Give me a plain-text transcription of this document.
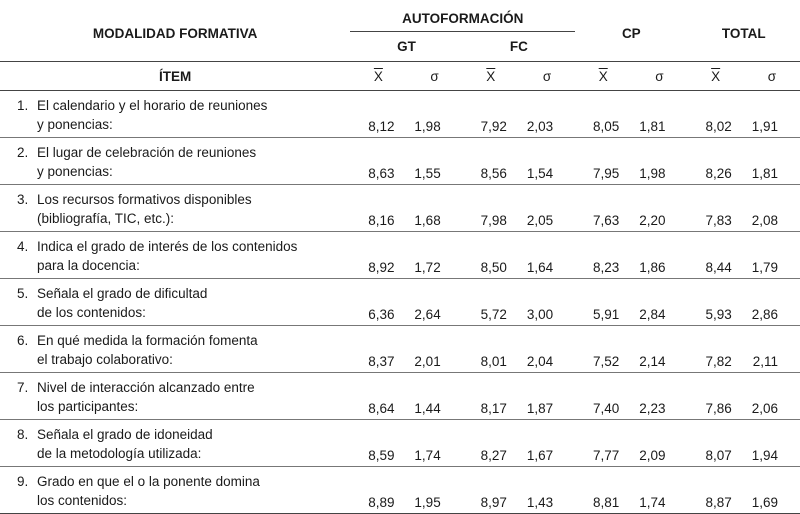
MODALIDAD FORMATIVA	AUTOFORMACIÓN				CP		TOTAL	
	GT		FC					
ÍTEM	$\overline{X}$	σ	$\overline{X}$	σ	$\overline{X}$	σ	$\overline{X}$	σ
1. El calendario y el horario de reuniones
y ponencias:	8,12	1,98	7,92	2,03	8,05	1,81	8,02	1,91
2. El lugar de celebración de reuniones
y ponencias:	8,63	1,55	8,56	1,54	7,95	1,98	8,26	1,81
3. Los recursos formativos disponibles
(bibliografía, TIC, etc.):	8,16	1,68	7,98	2,05	7,63	2,20	7,83	2,08
4. Indica el grado de interés de los contenidos
para la docencia:	8,92	1,72	8,50	1,64	8,23	1,86	8,44	1,79
5. Señala el grado de dificultad
de los contenidos:	6,36	2,64	5,72	3,00	5,91	2,84	5,93	2,86
6. En qué medida la formación fomenta
el trabajo colaborativo:	8,37	2,01	8,01	2,04	7,52	2,14	7,82	2,11
7. Nivel de interacción alcanzado entre
los participantes:	8,64	1,44	8,17	1,87	7,40	2,23	7,86	2,06
8. Señala el grado de idoneidad
de la metodología utilizada:	8,59	1,74	8,27	1,67	7,77	2,09	8,07	1,94
9. Grado en que el o la ponente domina
los contenidos:	8,89	1,95	8,97	1,43	8,81	1,74	8,87	1,69
